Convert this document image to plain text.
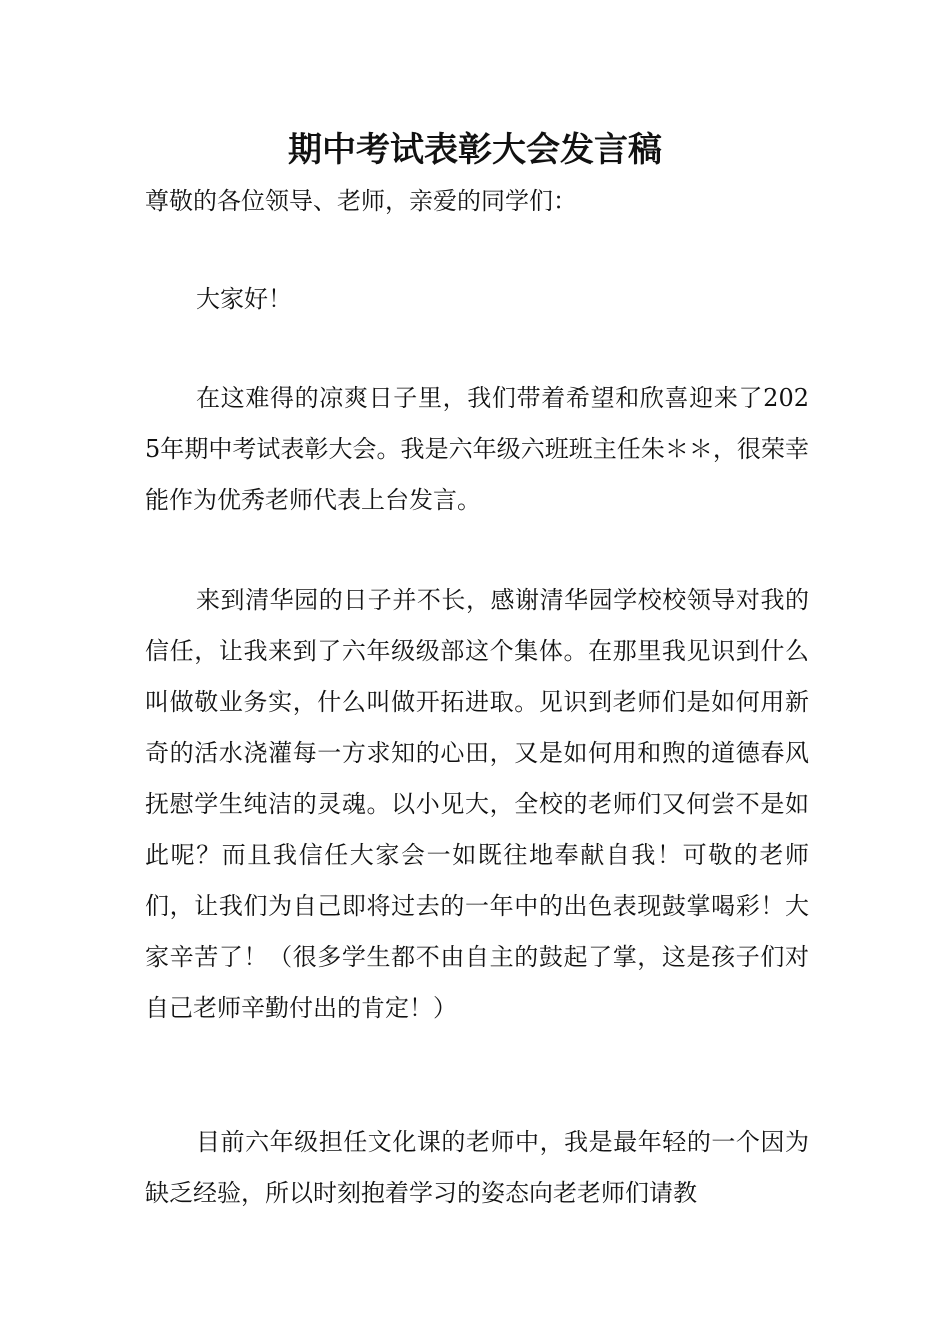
期中考试表彰大会发言稿
尊敬的各位领导、老师，亲爱的同学们：
大家好！
在这难得的凉爽日子里，我们带着希望和欣喜迎来了2025年期中考试表彰大会。我是六年级六班班主任朱＊＊，很荣幸能作为优秀老师代表上台发言。
来到清华园的日子并不长，感谢清华园学校校领导对我的信任，让我来到了六年级级部这个集体。在那里我见识到什么叫做敬业务实，什么叫做开拓进取。见识到老师们是如何用新奇的活水浇灌每一方求知的心田，又是如何用和煦的道德春风抚慰学生纯洁的灵魂。以小见大，全校的老师们又何尝不是如此呢？而且我信任大家会一如既往地奉献自我！可敬的老师们，让我们为自己即将过去的一年中的出色表现鼓掌喝彩！大家辛苦了！（很多学生都不由自主的鼓起了掌，这是孩子们对自己老师辛勤付出的肯定！）
目前六年级担任文化课的老师中，我是最年轻的一个因为缺乏经验，所以时刻抱着学习的姿态向老老师们请教
